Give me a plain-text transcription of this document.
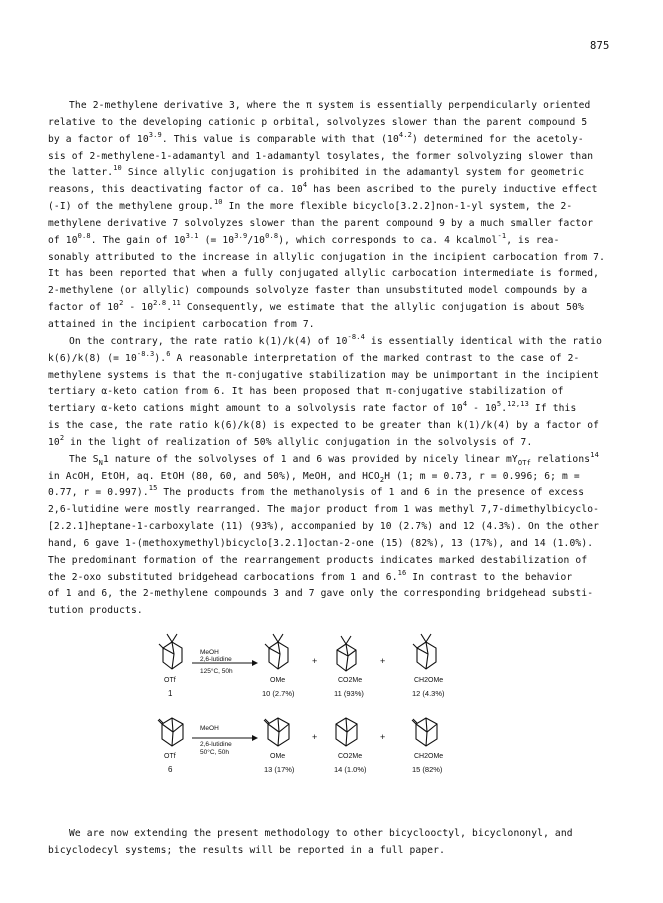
875
The 2-methylene derivative 3, where the π system is essentially perpendicularly oriented
relative to the developing cationic p orbital, solvolyzes slower than the parent compound 5
by a factor of $10^{3.9}$. This value is comparable with that $(10^{4.2})$ determined for the acetoly-
sis of 2-methylene-1-adamantyl and 1-adamantyl tosylates, the former solvolyzing slower than
the latter.$^{10}$ Since allylic conjugation is prohibited in the adamantyl system for geometric
reasons, this deactivating factor of ca. $10^4$ has been ascribed to the purely inductive effect
(-I) of the methylene group.$^{10}$ In the more flexible bicyclo[3.2.2]non-1-yl system, the 2-
methylene derivative 7 solvolyzes slower than the parent compound 9 by a much smaller factor
of $10^{0.8}$. The gain of $10^{3.1}$ (= $10^{3.9}/10^{0.8}$), which corresponds to ca. 4 kcalmol$^{-1}$, is rea-
sonably attributed to the increase in allylic conjugation in the incipient carbocation from 7.
It has been reported that when a fully conjugated allylic carbocation intermediate is formed,
2-methylene (or allylic) compounds solvolyze faster than unsubstituted model compounds by a
factor of $10^2 - 10^{2.8}.^{11}$ Consequently, we estimate that the allylic conjugation is about 50%
attained in the incipient carbocation from 7.
On the contrary, the rate ratio k(1)/k(4) of $10^{-8.4}$ is essentially identical with the ratio
k(6)/k(8) (= $10^{-8.3}).^6$ A reasonable interpretation of the marked contrast to the case of 2-
methylene systems is that the π-conjugative stabilization may be unimportant in the incipient
tertiary α-keto cation from 6. It has been proposed that π-conjugative stabilization of
tertiary α-keto cations might amount to a solvolysis rate factor of $10^4 - 10^5.^{12,13}$ If this
is the case, the rate ratio k(6)/k(8) is expected to be greater than k(1)/k(4) by a factor of
$10^2$ in the light of realization of 50% allylic conjugation in the solvolysis of 7.
The $S_N1$ nature of the solvolyses of 1 and 6 was provided by nicely linear $mY_{OTf}$ relations$^{14}$
in AcOH, EtOH, aq. EtOH (80, 60, and 50%), MeOH, and $HCO_2H$ (1; m = 0.73, r = 0.996; 6; m =
0.77, r = 0.997).$^{15}$ The products from the methanolysis of 1 and 6 in the presence of excess
2,6-lutidine were mostly rearranged. The major product from 1 was methyl 7,7-dimethylbicyclo-
[2.2.1]heptane-1-carboxylate (11) (93%), accompanied by 10 (2.7%) and 12 (4.3%). On the other
hand, 6 gave 1-(methoxymethyl)bicyclo[3.2.1]octan-2-one (15) (82%), 13 (17%), and 14 (1.0%).
The predominant formation of the rearrangement products indicates marked destabilization of
the 2-oxo substituted bridgehead carbocations from 1 and 6.16 In contrast to the behavior
of 1 and 6, the 2-methylene compounds 3 and 7 gave only the corresponding bridgehead substi-
tution products.
OTf
1
MeOH
2,6-lutidine
125°C, 50h
OMe
10 (2.7%)
+
CO2Me
11 (93%)
+
CH2OMe
12 (4.3%)
OTf
6
MeOH
2,6-lutidine
50°C, 50h
OMe
13 (17%)
+
CO2Me
14 (1.0%)
+
CH2OMe
15 (82%)
We are now extending the present methodology to other bicyclooctyl, bicyclononyl, and
bicyclodecyl systems; the results will be reported in a full paper.
